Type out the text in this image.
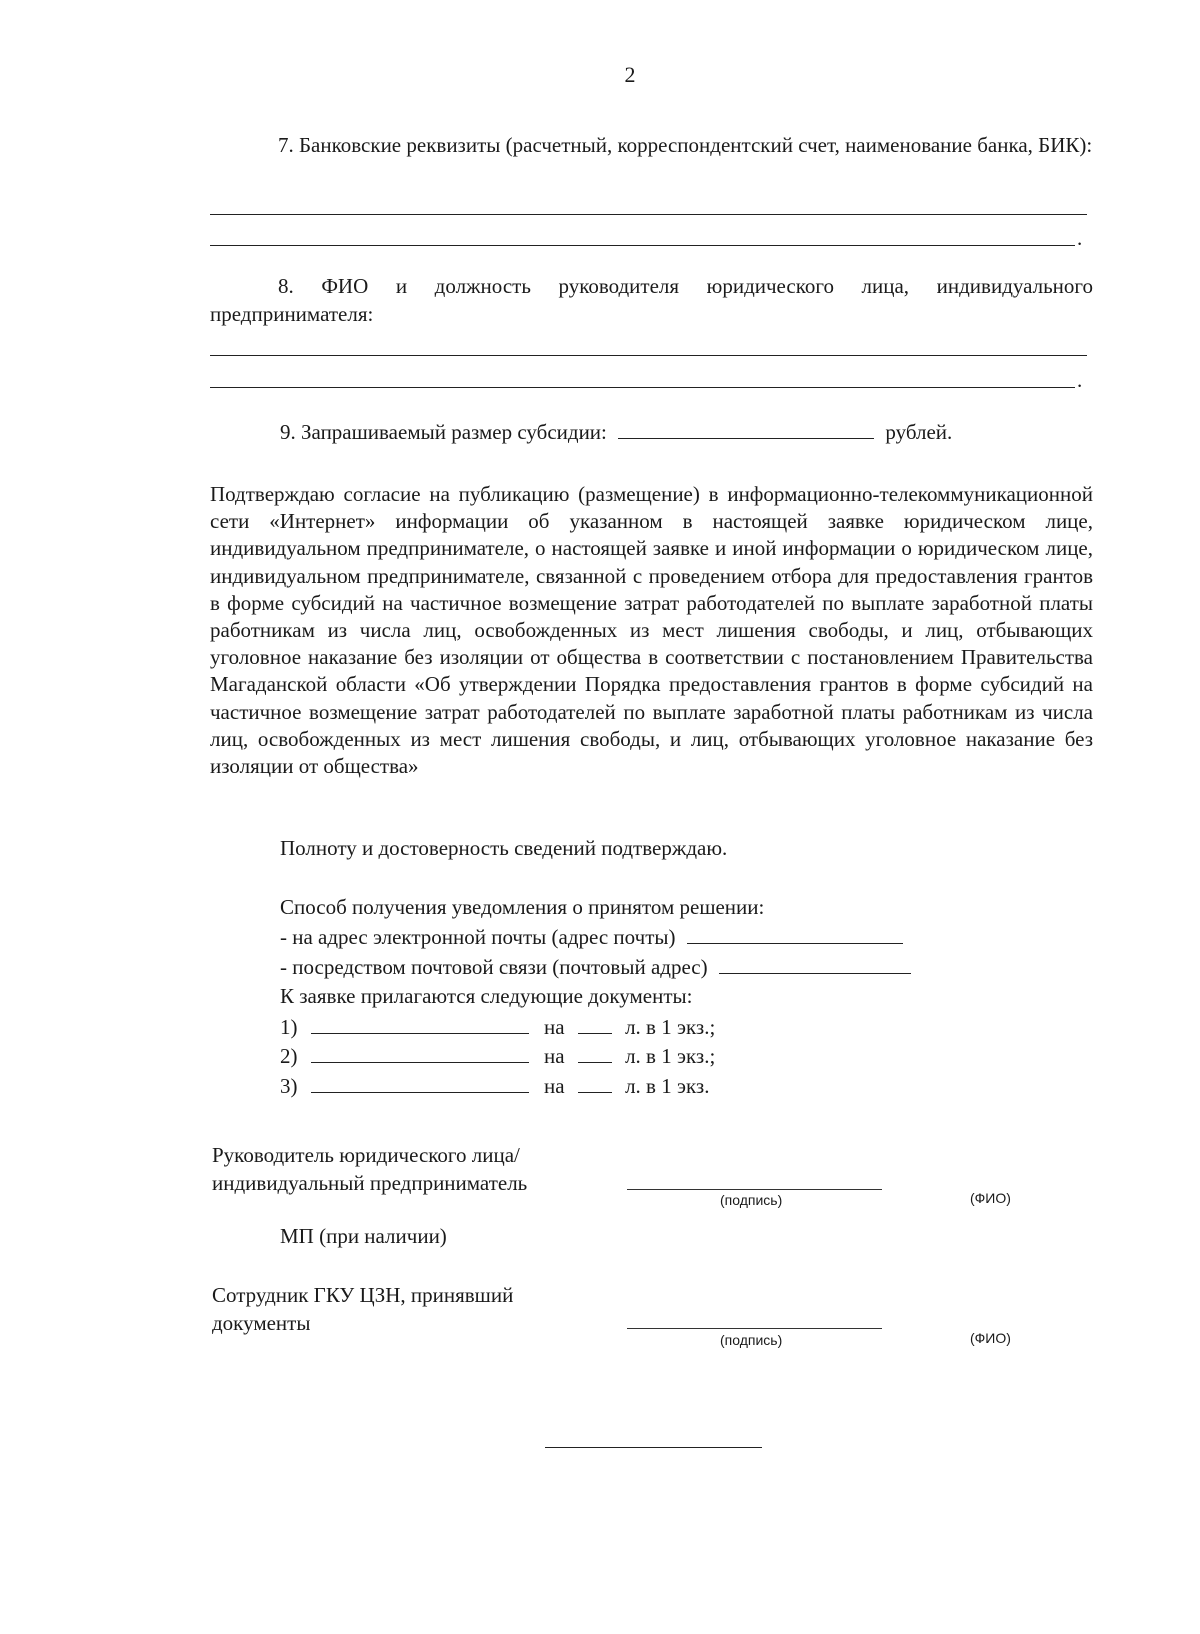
2
7. Банковские реквизиты (расчетный, корреспондентский счет, наименование банка, БИК):
.
8. ФИО и должность руководителя юридического лица, индивидуального предпринимателя:
.
9. Запрашиваемый размер субсидии:	рублей.
Подтверждаю согласие на публикацию (размещение) в информационно-телекоммуникационной сети «Интернет» информации об указанном в настоящей заявке юридическом лице, индивидуальном предпринимателе, о настоящей заявке и иной информации о юридическом лице, индивидуальном предпринимателе, связанной с проведением отбора для предоставления грантов в форме субсидий на частичное возмещение затрат работодателей по выплате заработной платы работникам из числа лиц, освобожденных из мест лишения свободы, и лиц, отбывающих уголовное наказание без изоляции от общества в соответствии с постановлением Правительства Магаданской области «Об утверждении Порядка предоставления грантов в форме субсидий на частичное возмещение затрат работодателей по выплате заработной платы работникам из числа лиц, освобожденных из мест лишения свободы, и лиц, отбывающих уголовное наказание без изоляции от общества»
Полноту и достоверность сведений подтверждаю.
Способ получения уведомления о принятом решении:
- на адрес электронной почты (адрес почты)
- посредством почтовой связи (почтовый адрес)
К заявке прилагаются следующие документы:
1)	на	л. в 1 экз.;
2)	на	л. в 1 экз.;
3)	на	л. в 1 экз.
Руководитель юридического лица/
индивидуальный предприниматель
(подпись)	(ФИО)
МП (при наличии)
Сотрудник ГКУ ЦЗН, принявший
документы
(подпись)	(ФИО)
